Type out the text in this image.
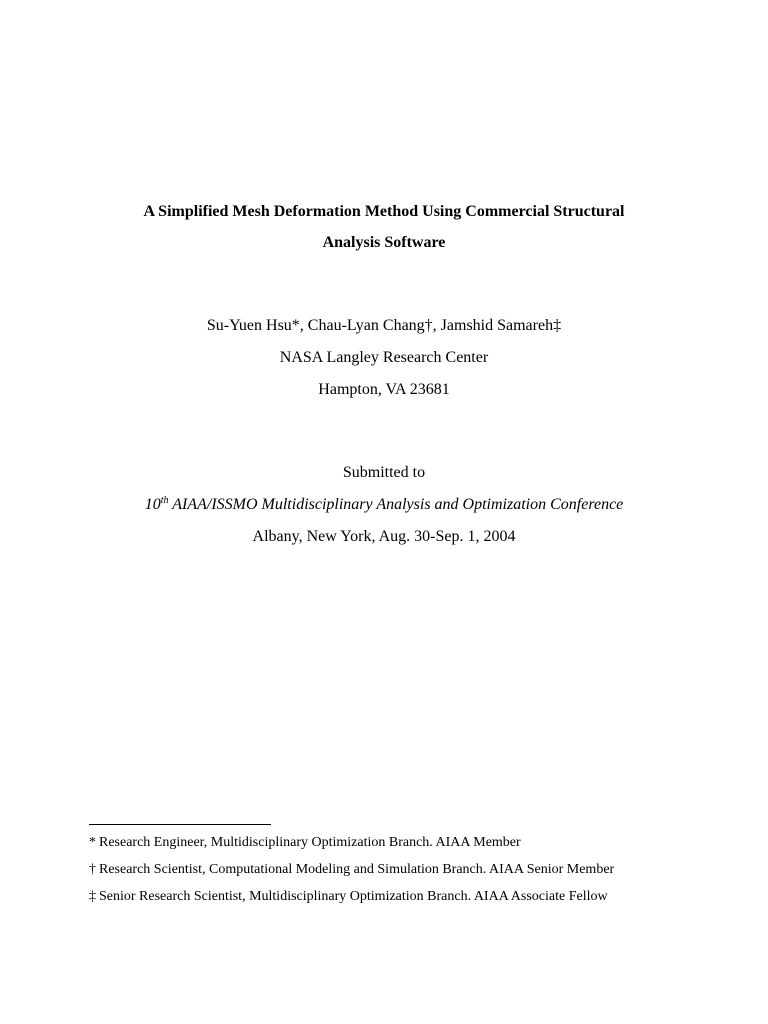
A Simplified Mesh Deformation Method Using Commercial Structural
Analysis Software
Su-Yuen Hsu*, Chau-Lyan Chang†, Jamshid Samareh‡
NASA Langley Research Center
Hampton, VA 23681
Submitted to
10th AIAA/ISSMO Multidisciplinary Analysis and Optimization Conference
Albany, New York, Aug. 30-Sep. 1, 2004
* Research Engineer, Multidisciplinary Optimization Branch. AIAA Member
† Research Scientist, Computational Modeling and Simulation Branch. AIAA Senior Member
‡ Senior Research Scientist, Multidisciplinary Optimization Branch. AIAA Associate Fellow
